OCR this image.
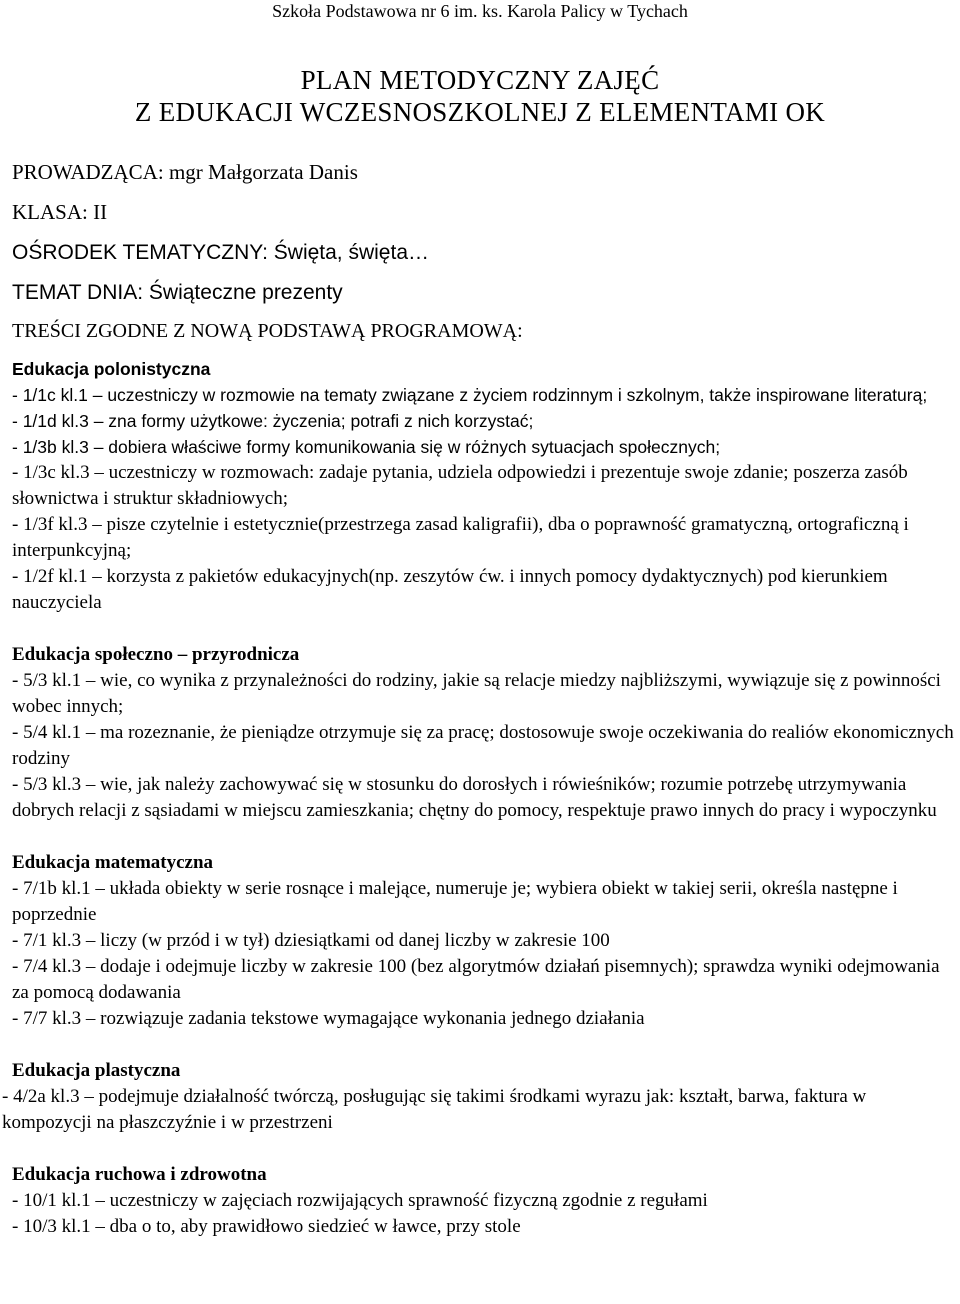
Szkoła Podstawowa nr 6 im. ks. Karola Palicy w Tychach
PLAN METODYCZNY ZAJĘĆ
Z EDUKACJI WCZESNOSZKOLNEJ Z ELEMENTAMI OK
PROWADZĄCA: mgr Małgorzata Danis
KLASA: II
OŚRODEK TEMATYCZNY: Święta, święta…
TEMAT DNIA: Świąteczne prezenty
TREŚCI ZGODNE Z NOWĄ PODSTAWĄ PROGRAMOWĄ:

Edukacja polonistyczna

- 1/1c kl.1 – uczestniczy w rozmowie na tematy związane z życiem rodzinnym i szkolnym, także inspirowane literaturą;

- 1/1d kl.3 – zna formy użytkowe: życzenia; potrafi z nich korzystać;

- 1/3b kl.3 – dobiera właściwe formy komunikowania się w różnych sytuacjach społecznych;

- 1/3c kl.3 – uczestniczy w rozmowach: zadaje pytania, udziela odpowiedzi i prezentuje swoje zdanie; poszerza zasób słownictwa i struktur składniowych;

- 1/3f kl.3 – pisze czytelnie i estetycznie(przestrzega zasad kaligrafii), dba o poprawność gramatyczną, ortograficzną i interpunkcyjną;

- 1/2f kl.1 – korzysta z pakietów edukacyjnych(np. zeszytów ćw. i innych pomocy dydaktycznych) pod kierunkiem nauczyciela

Edukacja społeczno – przyrodnicza

- 5/3 kl.1 – wie, co wynika z przynależności do rodziny, jakie są relacje miedzy najbliższymi, wywiązuje się z powinności wobec innych;

- 5/4 kl.1 – ma rozeznanie, że pieniądze otrzymuje się za pracę; dostosowuje swoje oczekiwania do realiów ekonomicznych rodziny

- 5/3 kl.3 – wie, jak należy zachowywać się w stosunku do dorosłych i rówieśników; rozumie potrzebę utrzymywania dobrych relacji z sąsiadami w miejscu zamieszkania; chętny do pomocy, respektuje prawo innych do pracy i wypoczynku

Edukacja matematyczna

- 7/1b kl.1 – układa obiekty w serie rosnące i malejące, numeruje je; wybiera obiekt w takiej serii, określa następne i poprzednie

- 7/1 kl.3 – liczy (w przód i w tył) dziesiątkami od danej liczby w zakresie 100

- 7/4 kl.3 – dodaje i odejmuje liczby w zakresie 100 (bez algorytmów działań pisemnych); sprawdza wyniki odejmowania za pomocą dodawania

- 7/7 kl.3 – rozwiązuje zadania tekstowe wymagające wykonania jednego działania

Edukacja plastyczna

- 4/2a kl.3 – podejmuje działalność twórczą, posługując się takimi środkami wyrazu jak: kształt, barwa, faktura w kompozycji na płaszczyźnie i w przestrzeni

Edukacja ruchowa i zdrowotna

- 10/1 kl.1 – uczestniczy w zajęciach rozwijających sprawność fizyczną zgodnie z regułami

- 10/3 kl.1 – dba o to, aby prawidłowo siedzieć w ławce, przy stole
